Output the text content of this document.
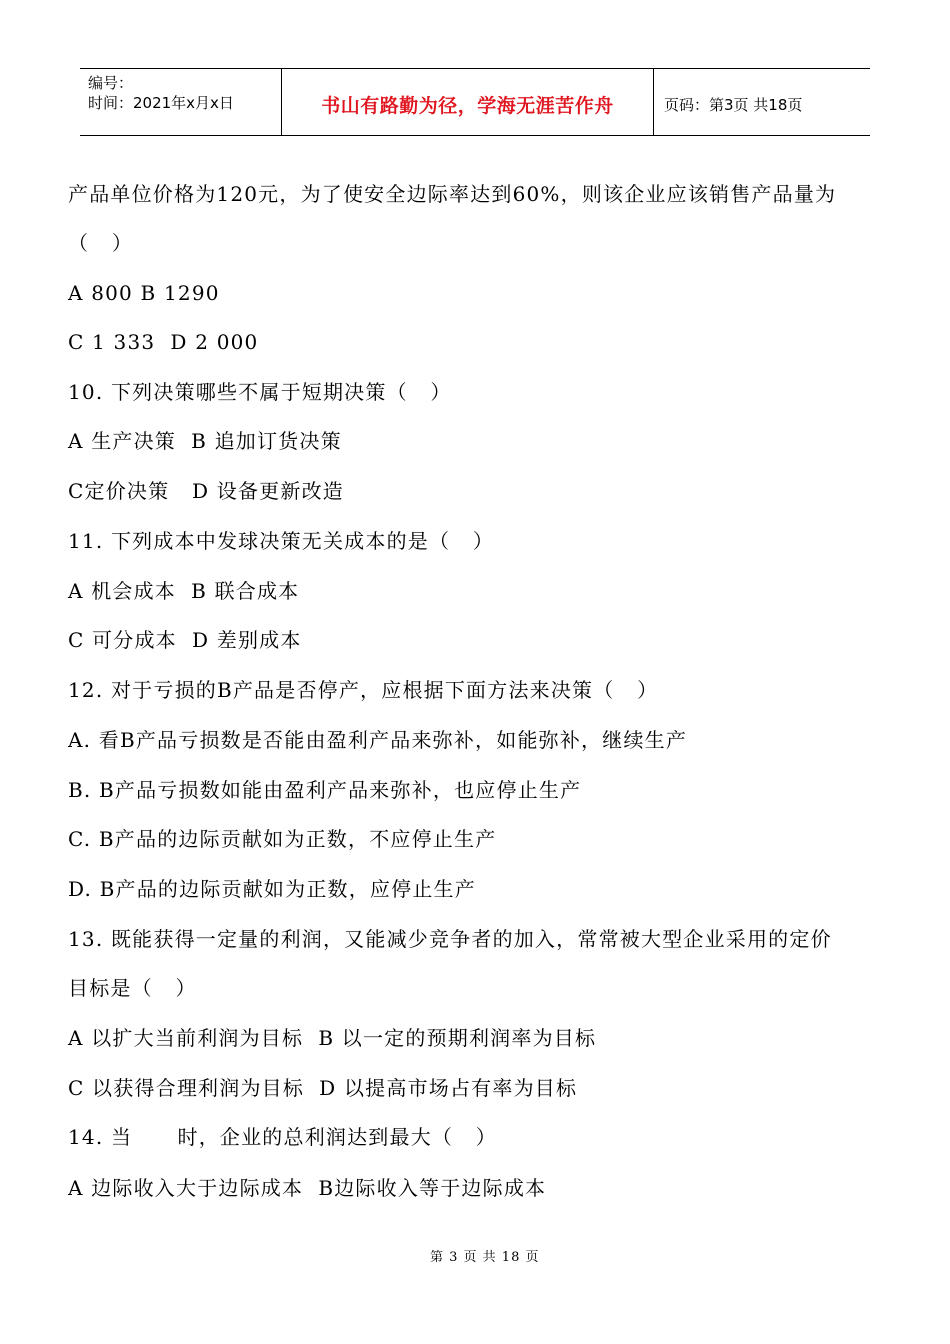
编号：
时间：2021年x月x日	书山有路勤为径，学海无涯苦作舟	页码：第3页 共18页
产品单位价格为120元，为了使安全边际率达到60%，则该企业应该销售产品量为
（   ）
A 800 B 1290
C 1 333  D 2 000
10. 下列决策哪些不属于短期决策（   ）
A 生产决策  B 追加订货决策
C定价决策   D 设备更新改造
11. 下列成本中发球决策无关成本的是（   ）
A 机会成本  B 联合成本
C 可分成本  D 差别成本
12. 对于亏损的B产品是否停产，应根据下面方法来决策（   ）
A. 看B产品亏损数是否能由盈利产品来弥补，如能弥补，继续生产
B. B产品亏损数如能由盈利产品来弥补，也应停止生产
C. B产品的边际贡献如为正数，不应停止生产
D. B产品的边际贡献如为正数，应停止生产
13. 既能获得一定量的利润，又能减少竞争者的加入，常常被大型企业采用的定价
目标是（   ）
A 以扩大当前利润为目标  B 以一定的预期利润率为目标
C 以获得合理利润为目标  D 以提高市场占有率为目标
14. 当      时，企业的总利润达到最大（   ）
A 边际收入大于边际成本  B边际收入等于边际成本
第 3 页 共 18 页
